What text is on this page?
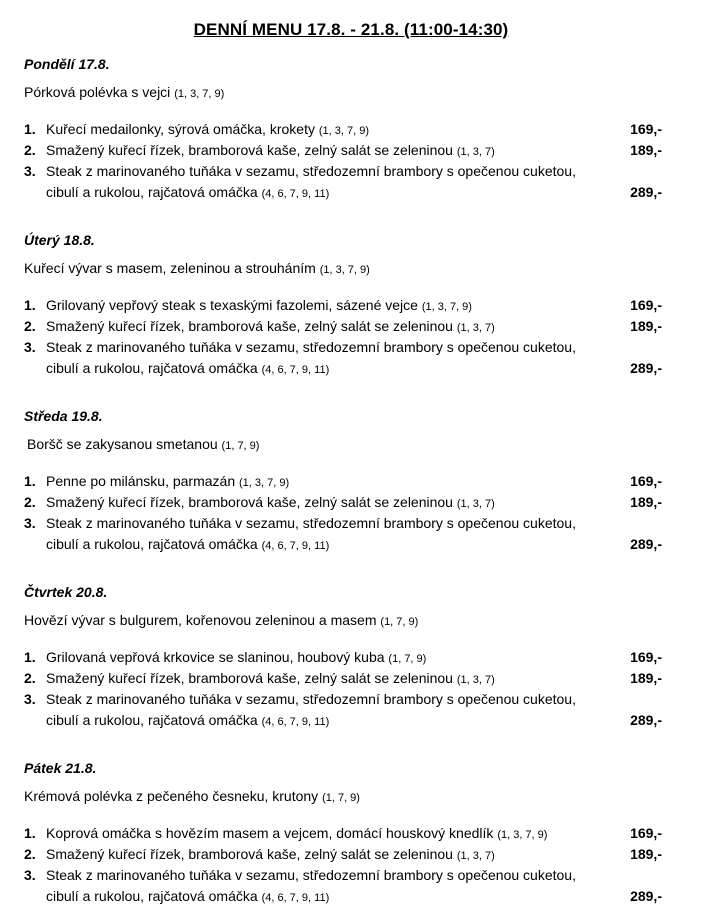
DENNÍ MENU 17.8. - 21.8. (11:00-14:30)
Pondělí 17.8.
Pórková polévka s vejci (1, 3, 7, 9)
1. Kuřecí medailonky, sýrová omáčka, krokety (1, 3, 7, 9)	169,-
2. Smažený kuřecí řízek, bramborová kaše, zelný salát se zeleninou (1, 3, 7)	189,-
3. Steak z marinovaného tuňáka v sezamu, středozemní brambory s opečenou cuketou,
cibulí a rukolou, rajčatová omáčka (4, 6, 7, 9, 11)	289,-
Úterý 18.8.
Kuřecí vývar s masem, zeleninou a strouháním (1, 3, 7, 9)
1. Grilovaný vepřový steak s texaskými fazolemi, sázené vejce (1, 3, 7, 9)	169,-
2. Smažený kuřecí řízek, bramborová kaše, zelný salát se zeleninou (1, 3, 7)	189,-
3. Steak z marinovaného tuňáka v sezamu, středozemní brambory s opečenou cuketou,
cibulí a rukolou, rajčatová omáčka (4, 6, 7, 9, 11)	289,-
Středa 19.8.
Boršč se zakysanou smetanou (1, 7, 9)
1. Penne po milánsku, parmazán (1, 3, 7, 9)	169,-
2. Smažený kuřecí řízek, bramborová kaše, zelný salát se zeleninou (1, 3, 7)	189,-
3. Steak z marinovaného tuňáka v sezamu, středozemní brambory s opečenou cuketou,
cibulí a rukolou, rajčatová omáčka (4, 6, 7, 9, 11)	289,-
Čtvrtek 20.8.
Hovězí vývar s bulgurem, kořenovou zeleninou a masem (1, 7, 9)
1. Grilovaná vepřová krkovice se slaninou, houbový kuba (1, 7, 9)	169,-
2. Smažený kuřecí řízek, bramborová kaše, zelný salát se zeleninou (1, 3, 7)	189,-
3. Steak z marinovaného tuňáka v sezamu, středozemní brambory s opečenou cuketou,
cibulí a rukolou, rajčatová omáčka (4, 6, 7, 9, 11)	289,-
Pátek 21.8.
Krémová polévka z pečeného česneku, krutony (1, 7, 9)
1. Koprová omáčka s hovězím masem a vejcem, domácí houskový knedlík (1, 3, 7, 9)	169,-
2. Smažený kuřecí řízek, bramborová kaše, zelný salát se zeleninou (1, 3, 7)	189,-
3. Steak z marinovaného tuňáka v sezamu, středozemní brambory s opečenou cuketou,
cibulí a rukolou, rajčatová omáčka (4, 6, 7, 9, 11)	289,-
